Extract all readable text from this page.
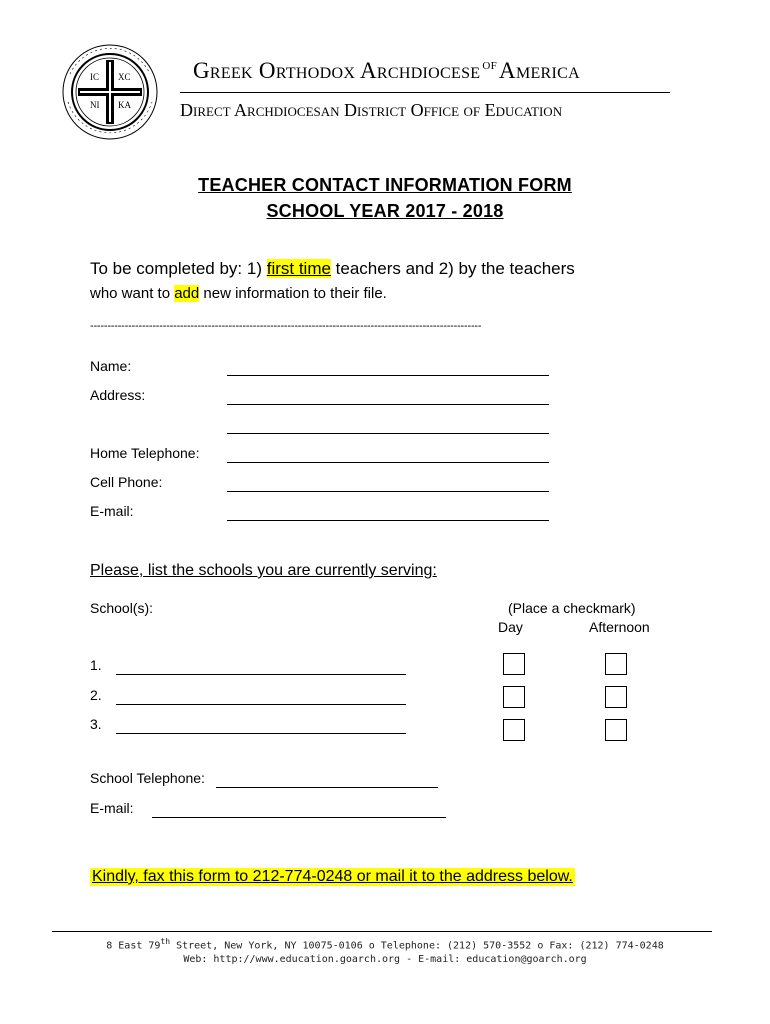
IC XC
NI KA
Greek Orthodox Archdiocese $^{OF}$America
Direct Archdiocesan District Office of Education
TEACHER CONTACT INFORMATION FORM
SCHOOL YEAR 2017 - 2018
To be completed by: 1) first time teachers and 2) by the teachers
who want to add new information to their file.
-----------------------------------------------------------------------------------------------------------------
Name:
Address:
Home Telephone:
Cell Phone:
E-mail:
Please, list the schools you are currently serving:
School(s):	(Place a checkmark)
Day	Afternoon
1.
2.
3.
School Telephone:
E-mail:
Kindly, fax this form to 212-774-0248 or mail it to the address below.
8 East 79th Street, New York, NY 10075-0106 o Telephone: (212) 570-3552 o Fax: (212) 774-0248
Web: http://www.education.goarch.org - E-mail: education@goarch.org
